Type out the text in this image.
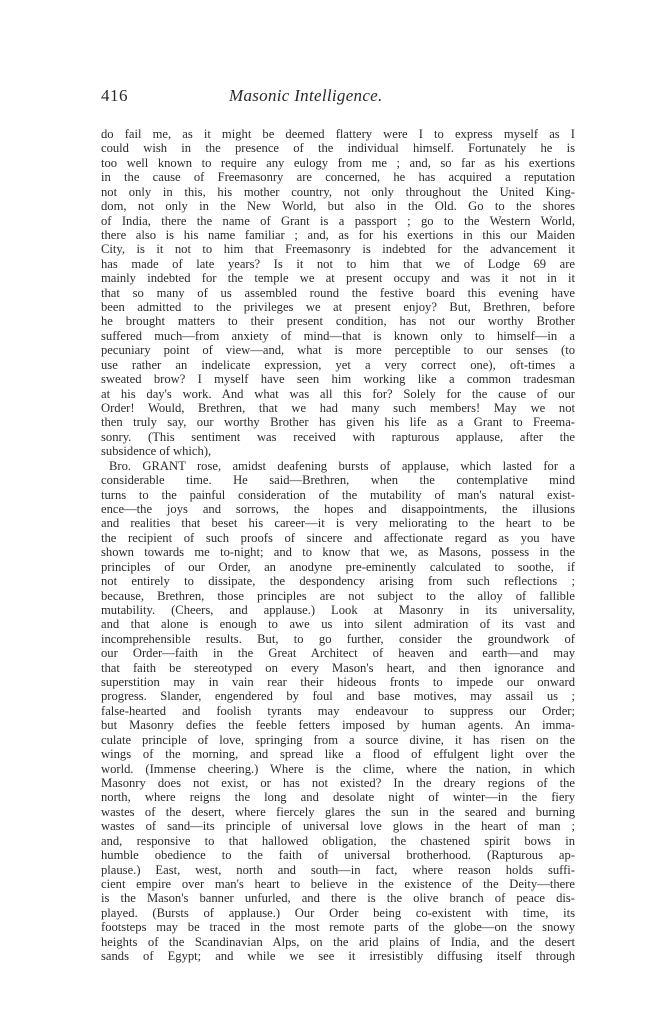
416	Masonic Intelligence.
do fail me, as it might be deemed flattery were I to express myself as I
could wish in the presence of the individual himself. Fortunately he is
too well known to require any eulogy from me ; and, so far as his exertions
in the cause of Freemasonry are concerned, he has acquired a reputation
not only in this, his mother country, not only throughout the United King-
dom, not only in the New World, but also in the Old. Go to the shores
of India, there the name of Grant is a passport ; go to the Western World,
there also is his name familiar ; and, as for his exertions in this our Maiden
City, is it not to him that Freemasonry is indebted for the advancement it
has made of late years? Is it not to him that we of Lodge 69 are
mainly indebted for the temple we at present occupy and was it not in it
that so many of us assembled round the festive board this evening have
been admitted to the privileges we at present enjoy? But, Brethren, before
he brought matters to their present condition, has not our worthy Brother
suffered much—from anxiety of mind—that is known only to himself—in a
pecuniary point of view—and, what is more perceptible to our senses (to
use rather an indelicate expression, yet a very correct one), oft-times a
sweated brow? I myself have seen him working like a common tradesman
at his day's work. And what was all this for? Solely for the cause of our
Order! Would, Brethren, that we had many such members! May we not
then truly say, our worthy Brother has given his life as a Grant to Freema-
sonry. (This sentiment was received with rapturous applause, after the
subsidence of which),
Bro. GRANT rose, amidst deafening bursts of applause, which lasted for a
considerable time. He said—Brethren, when the contemplative mind
turns to the painful consideration of the mutability of man's natural exist-
ence—the joys and sorrows, the hopes and disappointments, the illusions
and realities that beset his career—it is very meliorating to the heart to be
the recipient of such proofs of sincere and affectionate regard as you have
shown towards me to-night; and to know that we, as Masons, possess in the
principles of our Order, an anodyne pre-eminently calculated to soothe, if
not entirely to dissipate, the despondency arising from such reflections ;
because, Brethren, those principles are not subject to the alloy of fallible
mutability. (Cheers, and applause.) Look at Masonry in its universality,
and that alone is enough to awe us into silent admiration of its vast and
incomprehensible results. But, to go further, consider the groundwork of
our Order—faith in the Great Architect of heaven and earth—and may
that faith be stereotyped on every Mason's heart, and then ignorance and
superstition may in vain rear their hideous fronts to impede our onward
progress. Slander, engendered by foul and base motives, may assail us ;
false-hearted and foolish tyrants may endeavour to suppress our Order;
but Masonry defies the feeble fetters imposed by human agents. An imma-
culate principle of love, springing from a source divine, it has risen on the
wings of the morning, and spread like a flood of effulgent light over the
world. (Immense cheering.) Where is the clime, where the nation, in which
Masonry does not exist, or has not existed? In the dreary regions of the
north, where reigns the long and desolate night of winter—in the fiery
wastes of the desert, where fiercely glares the sun in the seared and burning
wastes of sand—its principle of universal love glows in the heart of man ;
and, responsive to that hallowed obligation, the chastened spirit bows in
humble obedience to the faith of universal brotherhood. (Rapturous ap-
plause.) East, west, north and south—in fact, where reason holds suffi-
cient empire over man's heart to believe in the existence of the Deity—there
is the Mason's banner unfurled, and there is the olive branch of peace dis-
played. (Bursts of applause.) Our Order being co-existent with time, its
footsteps may be traced in the most remote parts of the globe—on the snowy
heights of the Scandinavian Alps, on the arid plains of India, and the desert
sands of Egypt; and while we see it irresistibly diffusing itself through
